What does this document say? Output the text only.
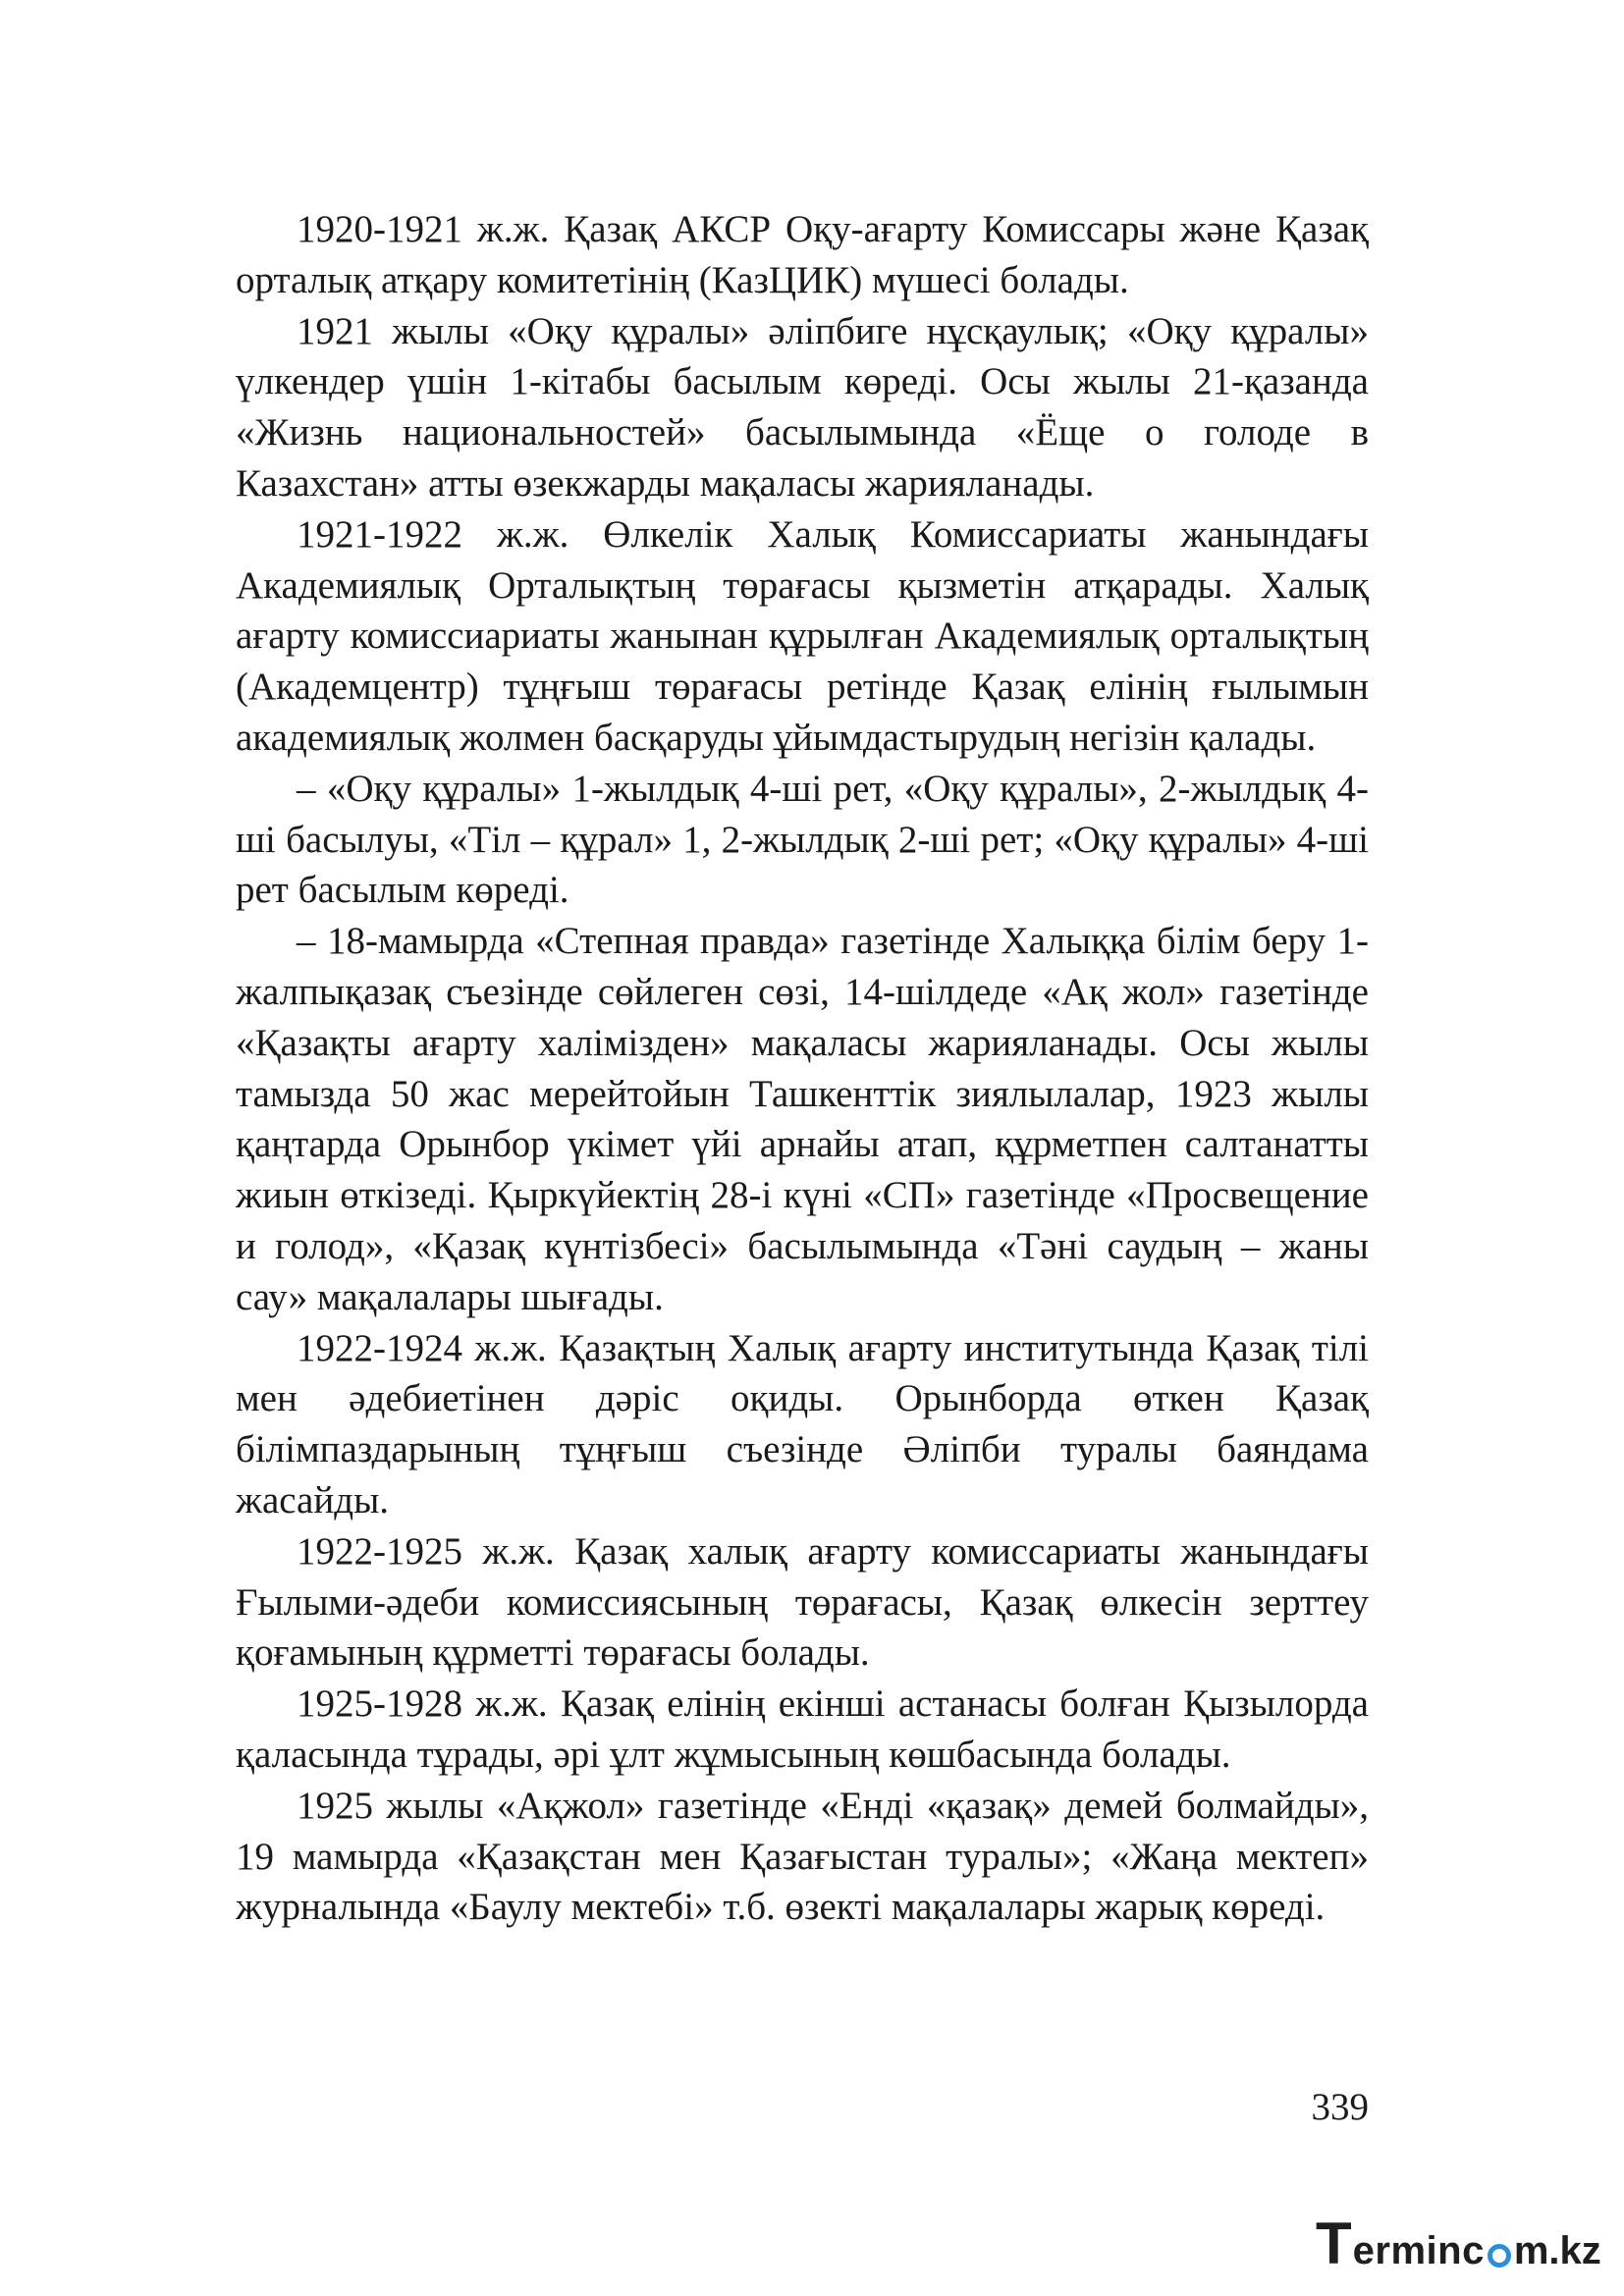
1920-1921 ж.ж. Қазақ АКСР Оқу-ағарту Комиссары және Қазақ орталық атқару комитетінің (КазЦИК) мүшесі болады.

1921 жылы «Оқу құралы» әліпбиге нұсқаулық; «Оқу құралы» үлкендер үшін 1-кітабы басылым көреді. Осы жылы 21-қазанда «Жизнь национальностей» басылымында «Ёще о голоде в Казахстан» атты өзекжарды мақаласы жарияланады.

1921-1922 ж.ж. Өлкелік Халық Комиссариаты жанындағы Академиялық Орталықтың төрағасы қызметін атқарады. Халық ағарту комиссиариаты жанынан құрылған Академиялық орталықтың (Академцентр) тұңғыш төрағасы ретінде Қазақ елінің ғылымын академиялық жолмен басқаруды ұйымдастырудың негізін қалады.

– «Оқу құралы» 1-жылдық 4-ші рет, «Оқу құралы», 2-жылдық 4-ші басылуы, «Тіл – құрал» 1, 2-жылдық 2-ші рет; «Оқу құралы» 4-ші рет басылым көреді.

– 18-мамырда «Степная правда» газетінде Халыққа білім беру 1-жалпықазақ съезінде сөйлеген сөзі, 14-шілдеде «Ақ жол» газетінде «Қазақты ағарту халімізден» мақаласы жарияланады. Осы жылы тамызда 50 жас мерейтойын Ташкенттік зиялылалар, 1923 жылы қаңтарда Орынбор үкімет үйі арнайы атап, құрметпен салтанатты жиын өткізеді. Қыркүйектің 28-і күні «СП» газетінде «Просвещение и голод», «Қазақ күнтізбесі» басылымында «Тәні саудың – жаны сау» мақалалары шығады.

1922-1924 ж.ж. Қазақтың Халық ағарту институтында Қазақ тілі мен әдебиетінен дәріс оқиды. Орынборда өткен Қазақ білімпаздарының тұңғыш съезінде Әліпби туралы баяндама жасайды.

1922-1925 ж.ж. Қазақ халық ағарту комиссариаты жанындағы Ғылыми-әдеби комиссиясының төрағасы, Қазақ өлкесін зерттеу қоғамының құрметті төрағасы болады.

1925-1928 ж.ж. Қазақ елінің екінші астанасы болған Қызылорда қаласында тұрады, әрі ұлт жұмысының көшбасында болады.

1925 жылы «Ақжол» газетінде «Енді «қазақ» демей болмайды», 19 мамырда «Қазақстан мен Қазағыстан туралы»; «Жаңа мектеп» журналында «Баулу мектебі» т.б. өзекті мақалалары жарық көреді.

339
T erminc m.kz
